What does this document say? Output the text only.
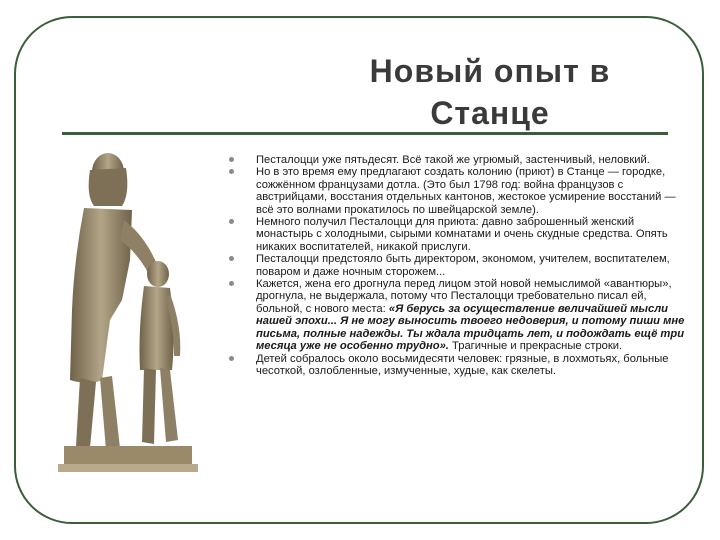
Новый опыт в
Станце
Песталоцци уже пятьдесят. Всё такой же угрюмый, застенчивый, неловкий.
Но в это время ему предлагают создать колонию (приют) в Станце — городке, сожжённом французами дотла. (Это был 1798 год: война французов с австрийцами, восстания отдельных кантонов, жестокое усмирение восстаний — всё это волнами прокатилось по швейцарской земле).
Немного получил Песталоцци для приюта: давно заброшенный женский монастырь с холодными, сырыми комнатами и очень скудные средства. Опять никаких воспитателей, никакой прислуги.
Песталоцци предстояло быть директором, экономом, учителем, воспитателем, поваром и даже ночным сторожем...
Кажется, жена его дрогнула перед лицом этой новой немыслимой «авантюры», дрогнула, не выдержала, потому что Песталоцци требовательно писал ей, больной, с нового места: «Я берусь за осуществление величайшей мысли нашей эпохи... Я не могу выносить твоего недоверия, и потому пиши мне письма, полные надежды. Ты ждала тридцать лет, и подождать ещё три месяца уже не особенно трудно». Трагичные и прекрасные строки.
Детей собралось около восьмидесяти человек: грязные, в лохмотьях, больные чесоткой, озлобленные, измученные, худые, как скелеты.
